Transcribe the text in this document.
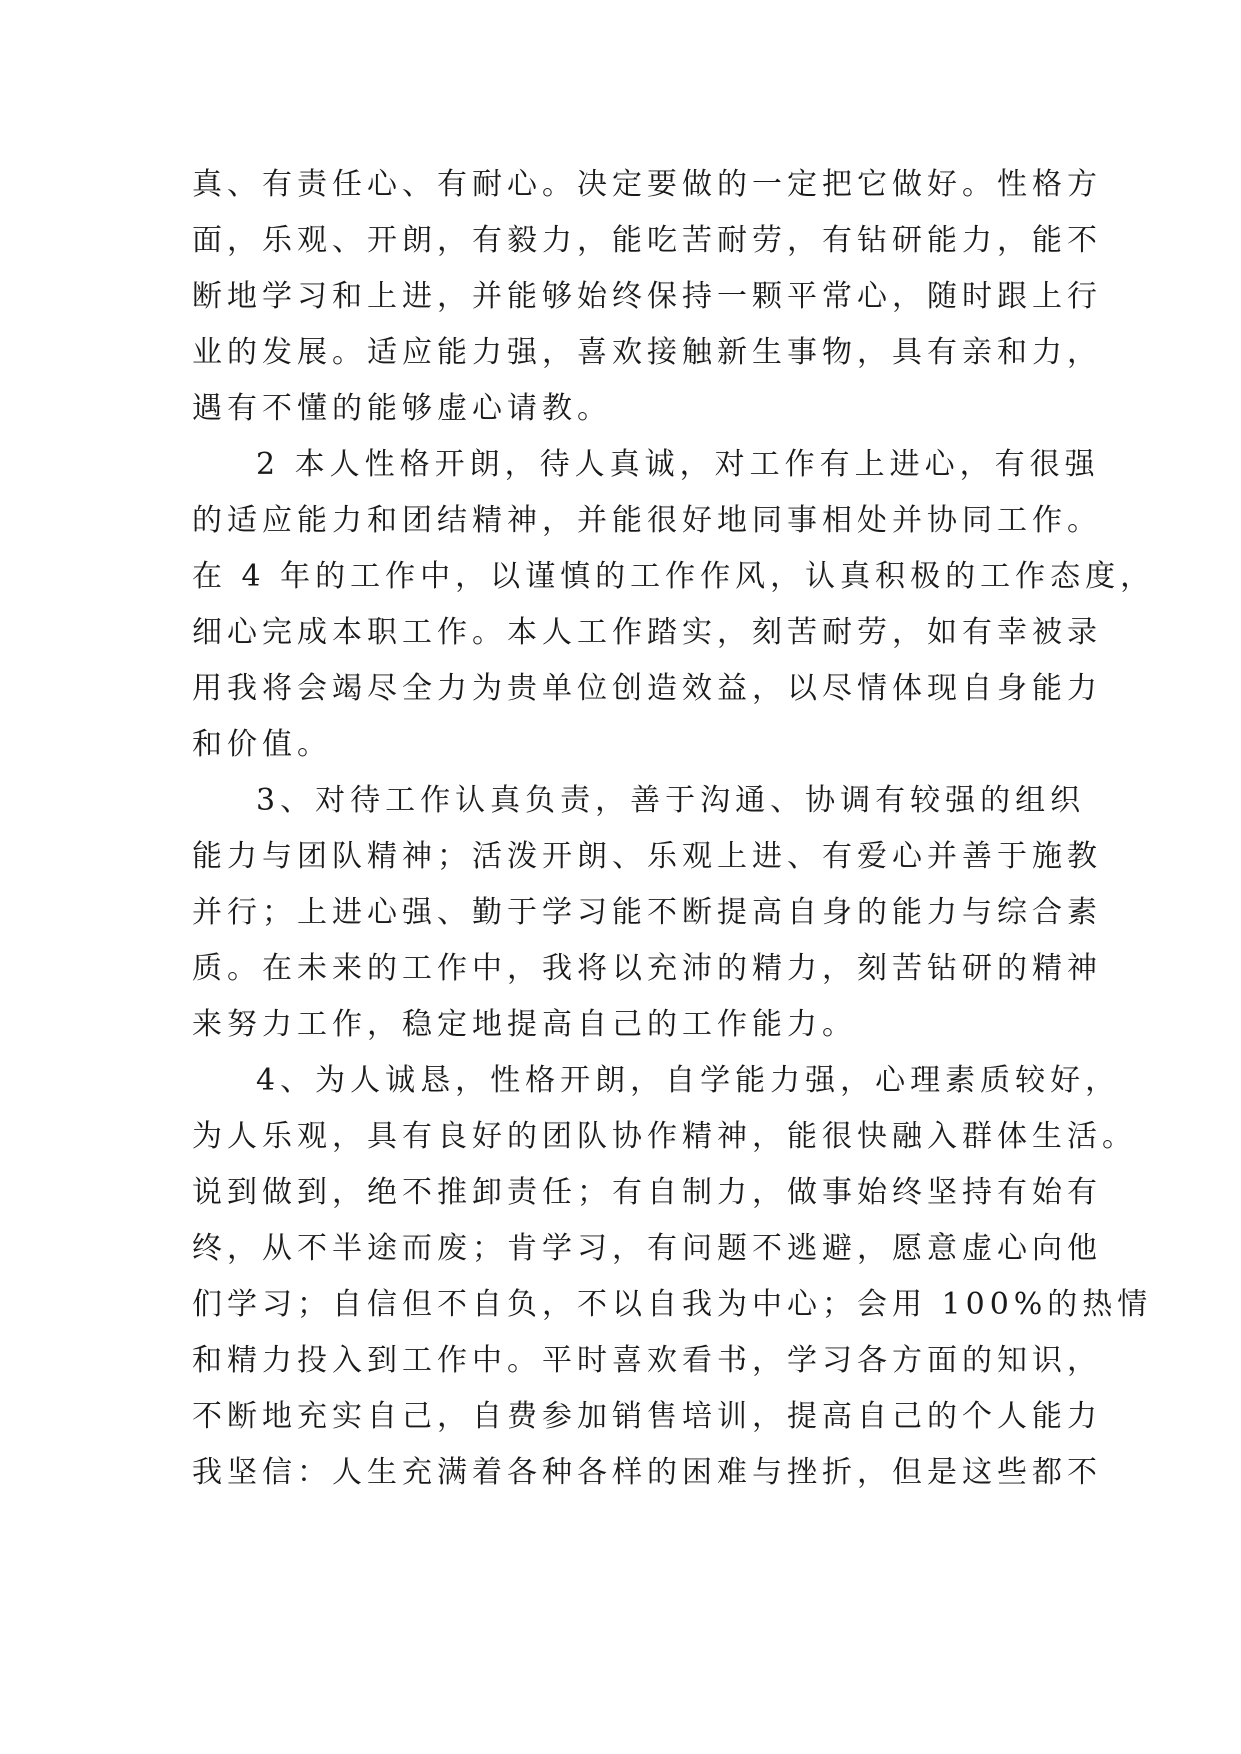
真、有责任心、有耐心。决定要做的一定把它做好。性格方
面，乐观、开朗，有毅力，能吃苦耐劳，有钻研能力，能不
断地学习和上进，并能够始终保持一颗平常心，随时跟上行
业的发展。适应能力强，喜欢接触新生事物，具有亲和力，
遇有不懂的能够虚心请教。
2 本人性格开朗，待人真诚，对工作有上进心，有很强
的适应能力和团结精神，并能很好地同事相处并协同工作。
在 4 年的工作中，以谨慎的工作作风，认真积极的工作态度，
细心完成本职工作。本人工作踏实，刻苦耐劳，如有幸被录
用我将会竭尽全力为贵单位创造效益，以尽情体现自身能力
和价值。
3、对待工作认真负责，善于沟通、协调有较强的组织
能力与团队精神；活泼开朗、乐观上进、有爱心并善于施教
并行；上进心强、勤于学习能不断提高自身的能力与综合素
质。在未来的工作中，我将以充沛的精力，刻苦钻研的精神
来努力工作，稳定地提高自己的工作能力。
4、为人诚恳，性格开朗，自学能力强，心理素质较好，
为人乐观，具有良好的团队协作精神，能很快融入群体生活。
说到做到，绝不推卸责任；有自制力，做事始终坚持有始有
终，从不半途而废；肯学习，有问题不逃避，愿意虚心向他
们学习；自信但不自负，不以自我为中心；会用 100%的热情
和精力投入到工作中。平时喜欢看书，学习各方面的知识，
不断地充实自己，自费参加销售培训，提高自己的个人能力
我坚信：人生充满着各种各样的困难与挫折，但是这些都不
